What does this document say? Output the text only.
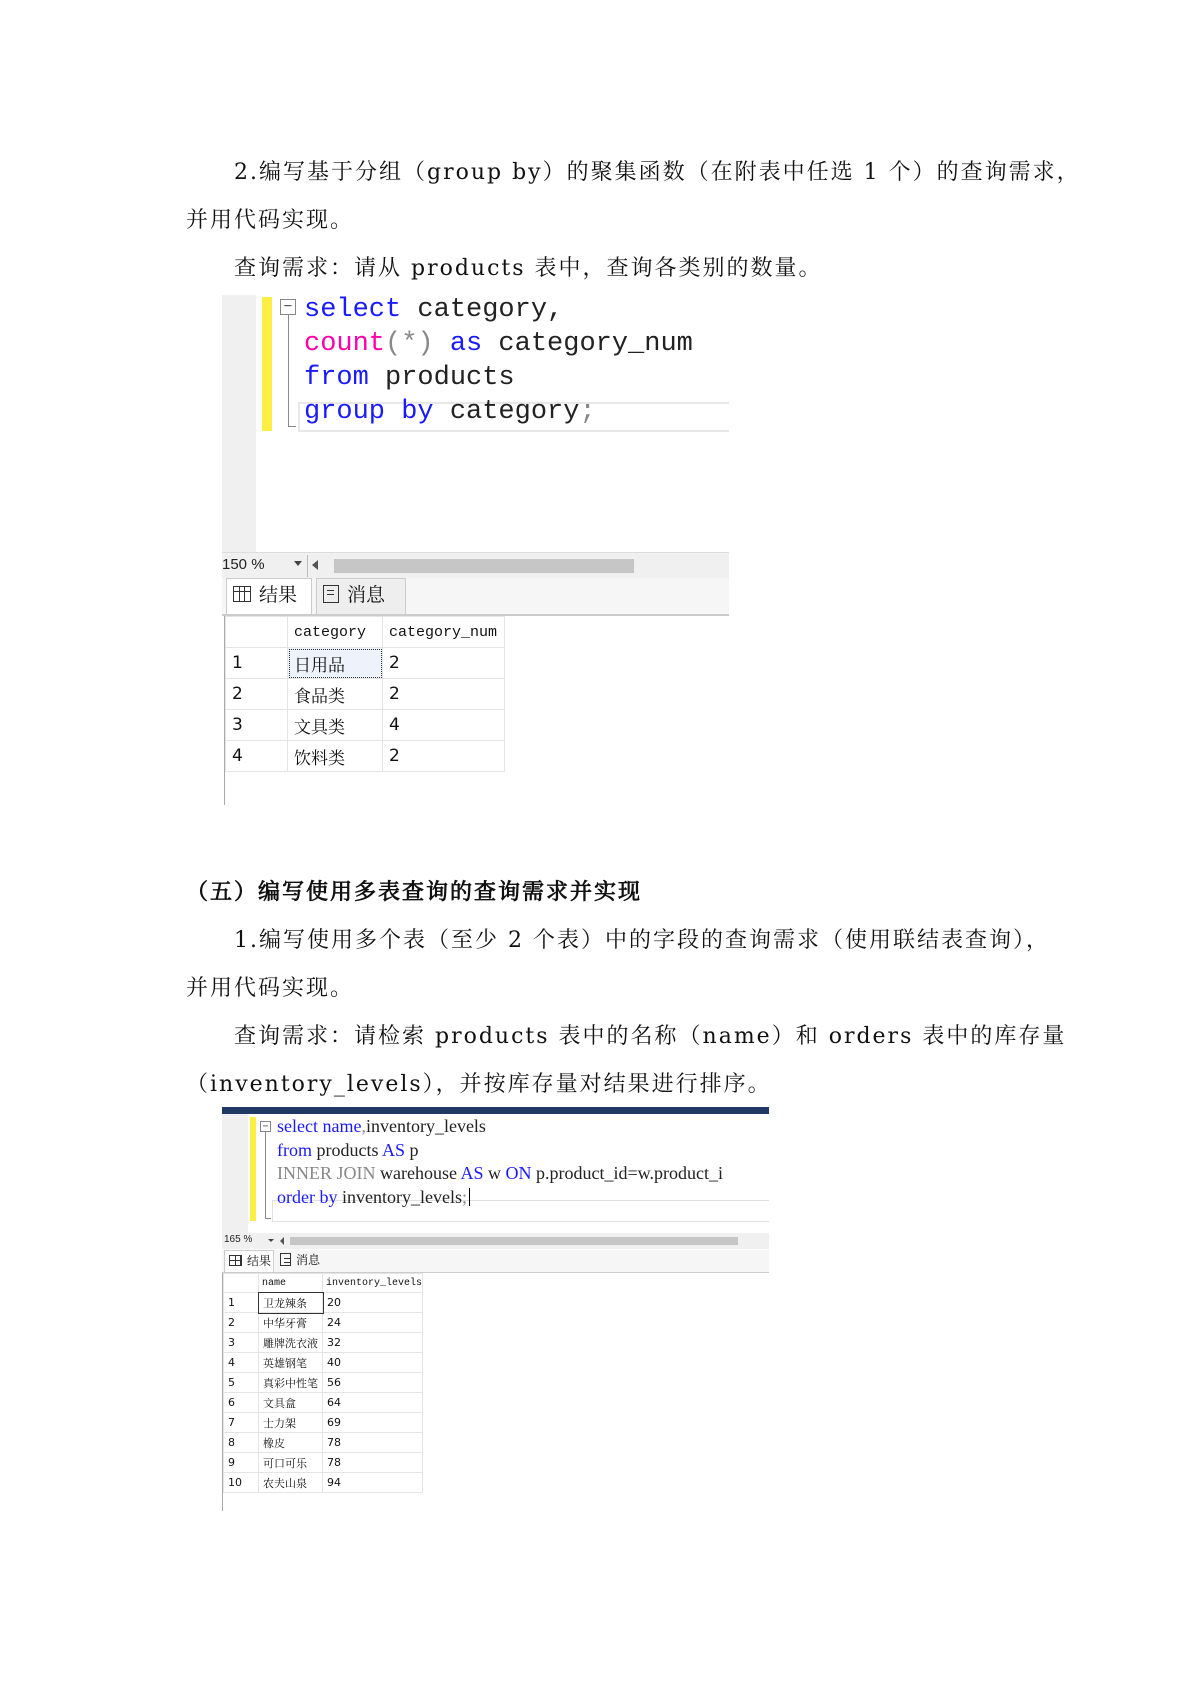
2.编写基于分组（group by）的聚集函数（在附表中任选 1 个）的查询需求，
并用代码实现。
查询需求：请从 products 表中，查询各类别的数量。
− select category,
count(*) as category_num
from products
group by category;
150 %
结果	消息
	category	category_num
1	日用品	2
2	食品类	2
3	文具类	4
4	饮料类	2
（五）编写使用多表查询的查询需求并实现
1.编写使用多个表（至少 2 个表）中的字段的查询需求（使用联结表查询），
并用代码实现。
查询需求：请检索 products 表中的名称（name）和 orders 表中的库存量
（inventory_levels），并按库存量对结果进行排序。
− select name,inventory_levels
from products AS p
INNER JOIN warehouse AS w ON p.product_id=w.product_i
order by inventory_levels;
165 %
结果	消息
	name	inventory_levels
1	卫龙辣条	20
2	中华牙膏	24
3	雕牌洗衣液	32
4	英雄钢笔	40
5	真彩中性笔	56
6	文具盒	64
7	士力架	69
8	橡皮	78
9	可口可乐	78
10	农夫山泉	94
